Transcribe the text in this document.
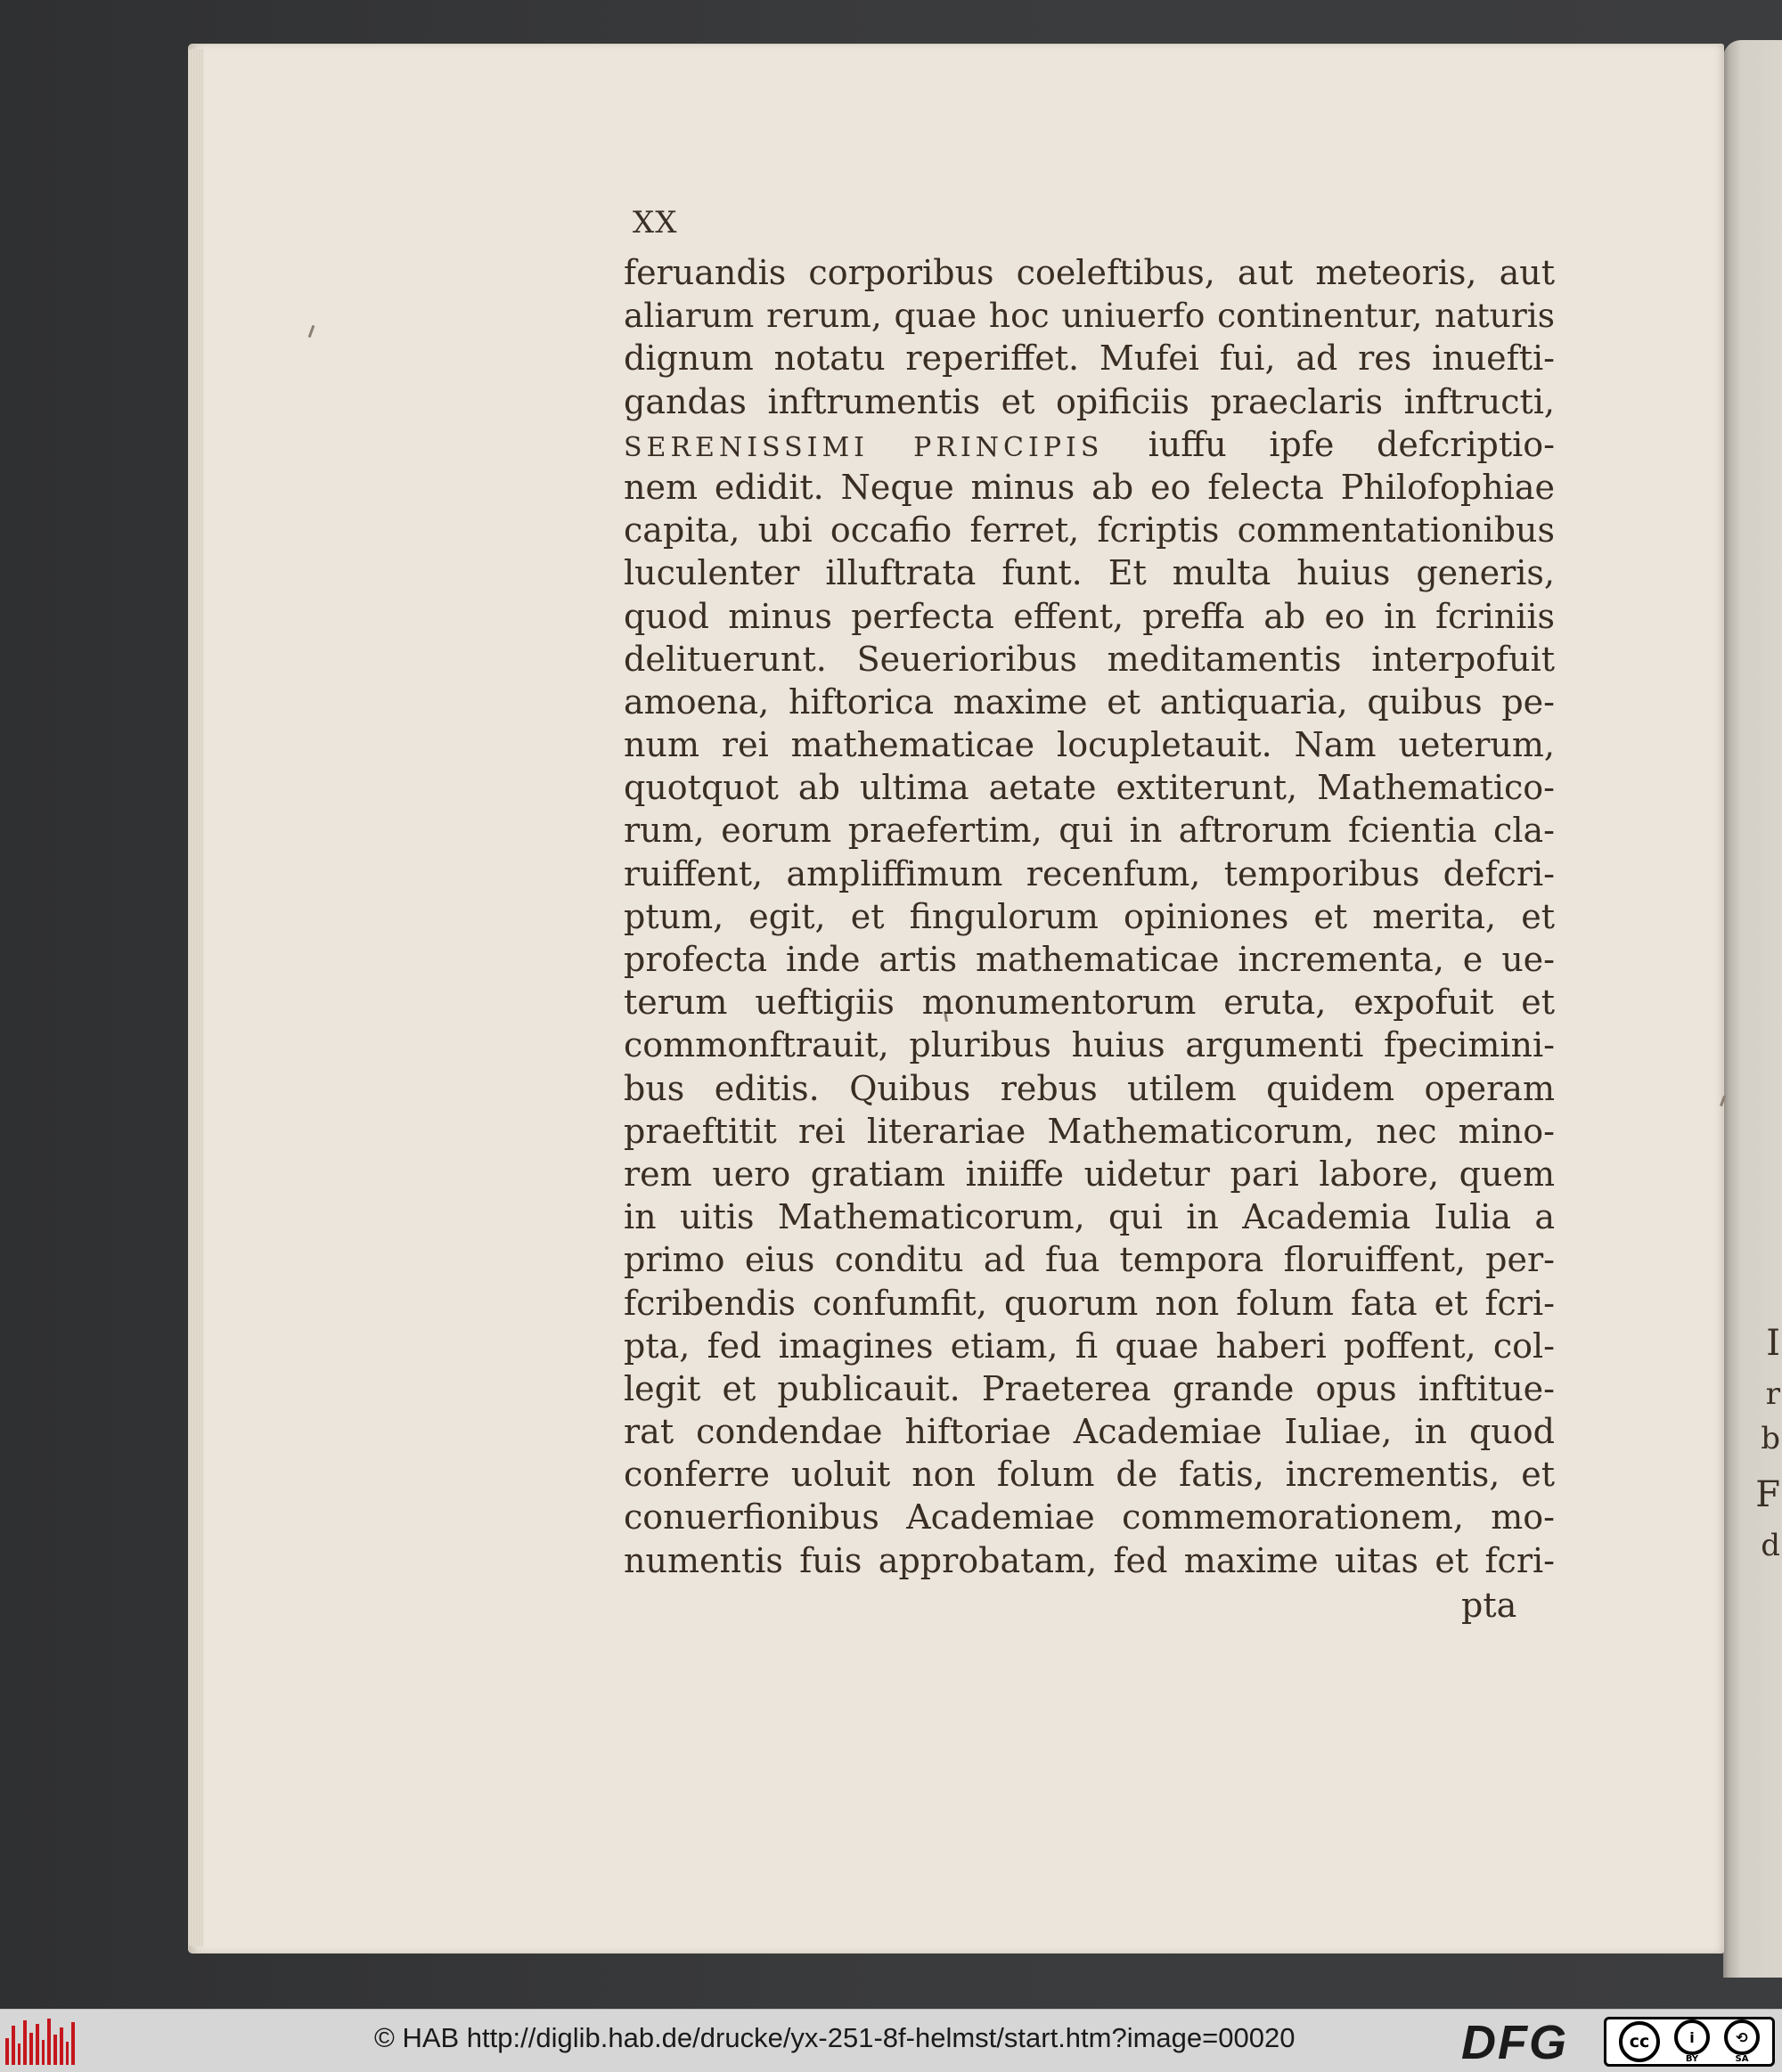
I
r
b
F
d
XX
feruandis corporibus coeleftibus, aut meteoris, aut
aliarum rerum, quae hoc uniuerfo continentur, naturis
dignum notatu reperiffet. Mufei fui, ad res inuefti-
gandas inftrumentis et opificiis praeclaris inftructi,
SERENISSIMI PRINCIPIS iuffu ipfe defcriptio-
nem edidit. Neque minus ab eo felecta Philofophiae
capita, ubi occafio ferret, fcriptis commentationibus
luculenter illuftrata funt. Et multa huius generis,
quod minus perfecta effent, preffa ab eo in fcriniis
delituerunt. Seuerioribus meditamentis interpofuit
amoena, hiftorica maxime et antiquaria, quibus pe-
num rei mathematicae locupletauit. Nam ueterum,
quotquot ab ultima aetate extiterunt, Mathematico-
rum, eorum praefertim, qui in aftrorum fcientia cla-
ruiffent, ampliffimum recenfum, temporibus defcri-
ptum, egit, et fingulorum opiniones et merita, et
profecta inde artis mathematicae incrementa, e ue-
terum ueftigiis monumentorum eruta, expofuit et
commonftrauit, pluribus huius argumenti fpecimini-
bus editis. Quibus rebus utilem quidem operam
praeftitit rei literariae Mathematicorum, nec mino-
rem uero gratiam iniiffe uidetur pari labore, quem
in uitis Mathematicorum, qui in Academia Iulia a
primo eius conditu ad fua tempora floruiffent, per-
fcribendis confumfit, quorum non folum fata et fcri-
pta, fed imagines etiam, fi quae haberi poffent, col-
legit et publicauit. Praeterea grande opus inftitue-
rat condendae hiftoriae Academiae Iuliae, in quod
conferre uoluit non folum de fatis, incrementis, et
conuerfionibus Academiae commemorationem, mo-
numentis fuis approbatam, fed maxime uitas et fcri-
pta
© HAB http://diglib.hab.de/drucke/yx-251-8f-helmst/start.htm?image=00020	DFG	cc	i
BY
⟲
SA
